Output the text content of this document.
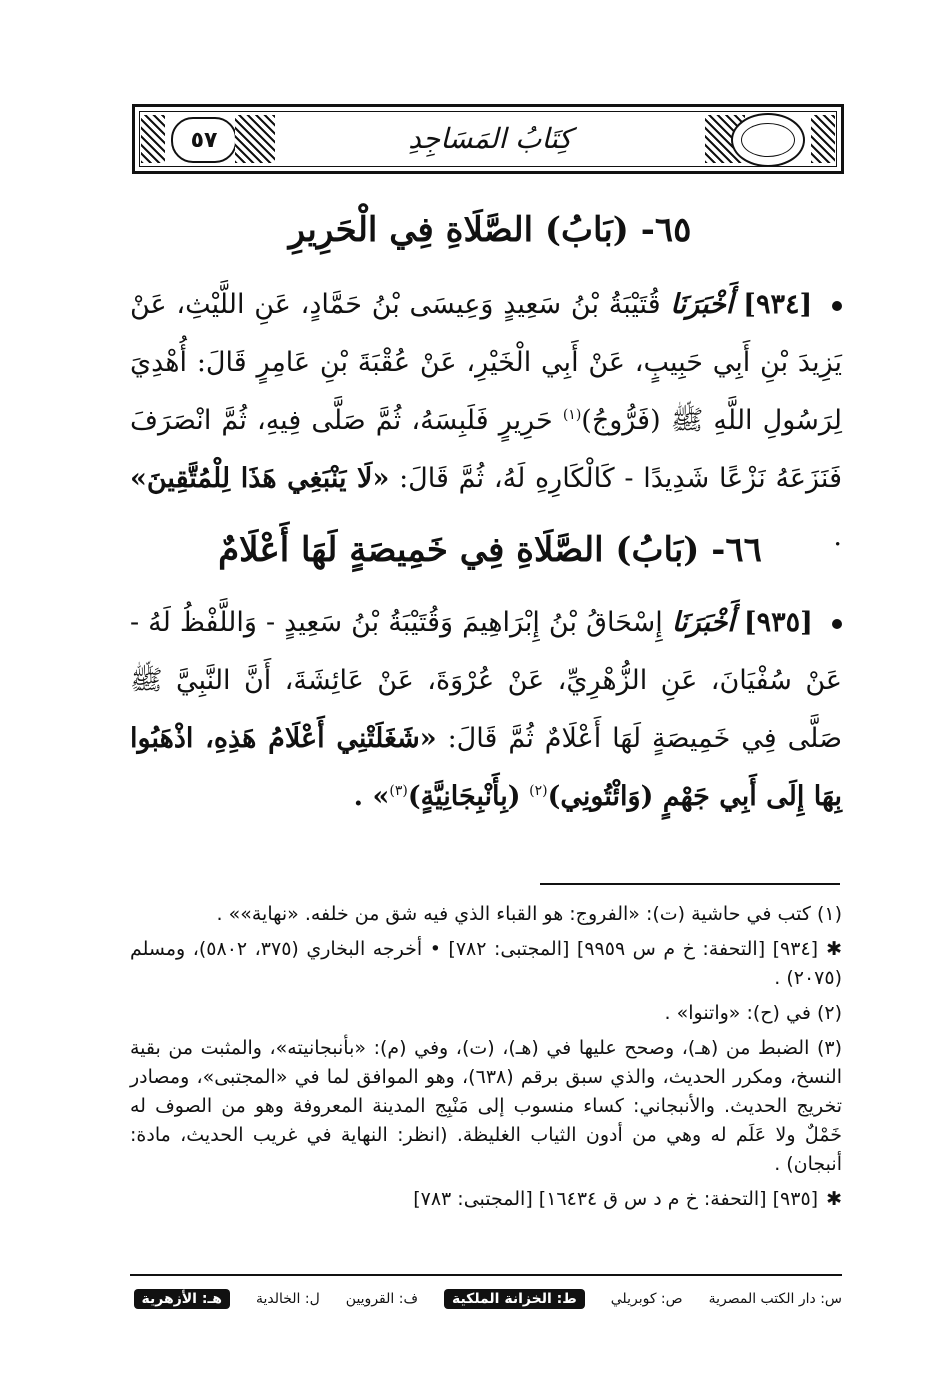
٥٧	كِتَابُ المَسَاجِدِ
٦٥- (بَابُ) الصَّلَاةِ فِي الْحَرِيرِ
[٩٣٤] أَخْبَرَنَا قُتَيْبَةُ بْنُ سَعِيدٍ وَعِيسَى بْنُ حَمَّادٍ، عَنِ اللَّيْثِ، عَنْ يَزِيدَ بْنِ أَبِي حَبِيبٍ، عَنْ أَبِي الْخَيْرِ، عَنْ عُقْبَةَ بْنِ عَامِرٍ قَالَ: أُهْدِيَ لِرَسُولِ اللَّهِ ﷺ (فَرُّوجُ)$^{(١)}$ حَرِيرٍ فَلَبِسَهُ، ثُمَّ صَلَّى فِيهِ، ثُمَّ انْصَرَفَ فَنَزَعَهُ نَزْعًا شَدِيدًا - كَالْكَارِهِ لَهُ، ثُمَّ قَالَ: «لَا يَنْبَغِي هَذَا لِلْمُتَّقِينَ» .
٦٦- (بَابُ) الصَّلَاةِ فِي خَمِيصَةٍ لَهَا أَعْلَامٌ
[٩٣٥] أَخْبَرَنَا إِسْحَاقُ بْنُ إِبْرَاهِيمَ وَقُتَيْبَةُ بْنُ سَعِيدٍ - وَاللَّفْظُ لَهُ - عَنْ سُفْيَانَ، عَنِ الزُّهْرِيِّ، عَنْ عُرْوَةَ، عَنْ عَائِشَةَ، أَنَّ النَّبِيَّ ﷺ صَلَّى فِي خَمِيصَةٍ لَهَا أَعْلَامٌ ثُمَّ قَالَ: «شَغَلَتْنِي أَعْلَامُ هَذِهِ، اذْهَبُوا بِهَا إِلَى أَبِي جَهْمٍ (وَائْتُونِي)$^{(٢)}$ (بِأَنْبِجَانِيَّةٍ)$^{(٣)}$» .
(١) كتب في حاشية (ت): «الفروج: هو القباء الذي فيه شق من خلفه. «نهاية»» .
✱[٩٣٤] [التحفة: خ م س ٩٩٥٩] [المجتبى: ٧٨٢] • أخرجه البخاري (٣٧٥، ٥٨٠٢)، ومسلم (٢٠٧٥) .
(٢) في (ح): «واتنوا» .
(٣) الضبط من (هـ)، وصحح عليها في (هـ)، (ت)، وفي (م): «بأنبجانيته»، والمثبت من بقية النسخ، ومكرر الحديث، والذي سبق برقم (٦٣٨)، وهو الموافق لما في «المجتبى»، ومصادر تخريج الحديث. والأنبجاني: كساء منسوب إلى مَنْبِج المدينة المعروفة وهو من الصوف له خَمْلٌ ولا عَلَم له وهي من أدون الثياب الغليظة. (انظر: النهاية في غريب الحديث، مادة: أنبجان) .
✱[٩٣٥] [التحفة: خ م د س ق ١٦٤٣٤] [المجتبى: ٧٨٣]
س: دار الكتب المصرية
ص: كوبريلي
ط: الخزانة الملكية
ف: القرويين
ل: الخالدية
هـ: الأزهرية
